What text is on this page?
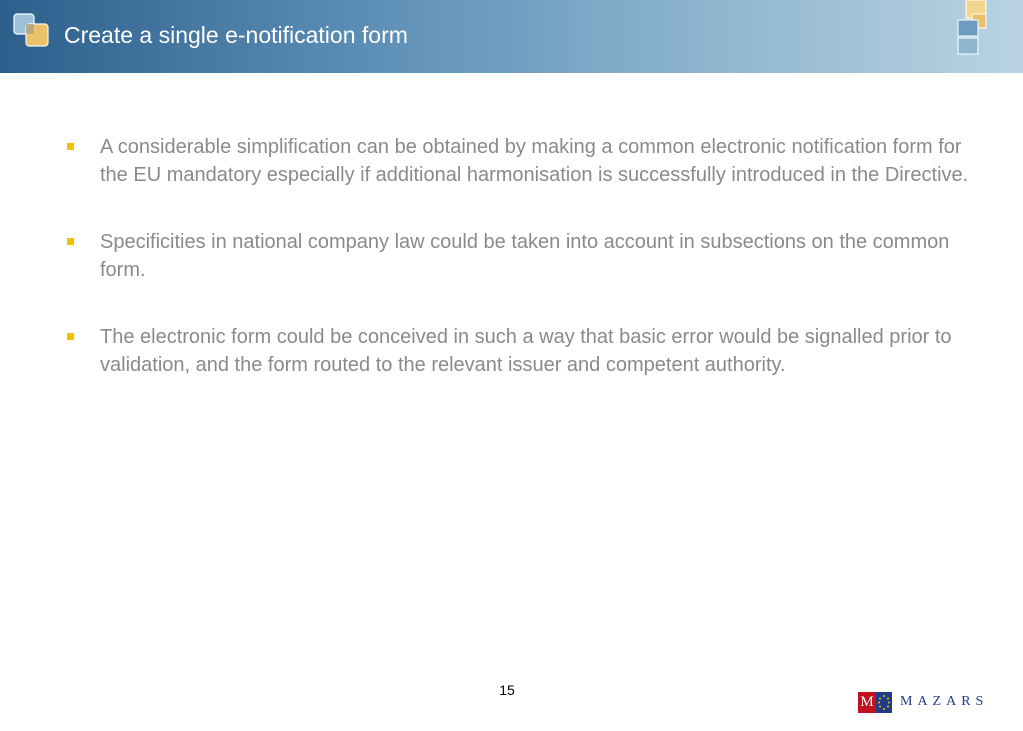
Create a single e-notification form
A considerable simplification can be obtained by making a common electronic notification form for the EU mandatory especially if additional harmonisation is successfully introduced in the Directive.
Specificities in national company law could be taken into account in subsections on the common form.
The electronic form could be conceived in such a way that basic error would be signalled prior to validation, and the form routed to the relevant issuer and competent authority.
15
M MAZARS
